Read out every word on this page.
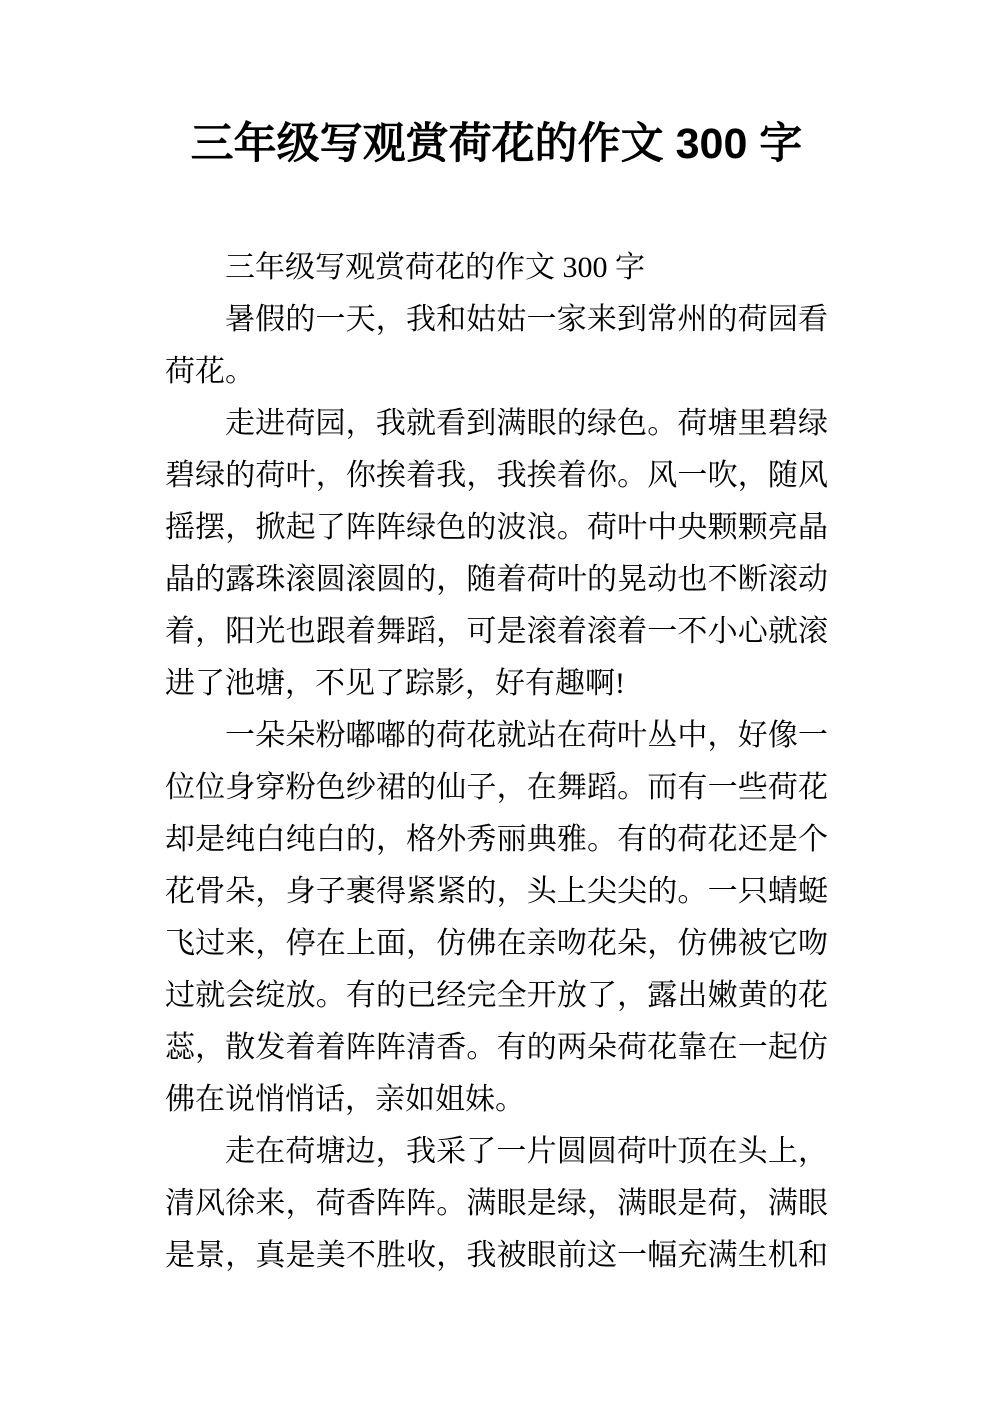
三年级写观赏荷花的作文 300 字

三年级写观赏荷花的作文 300 字

暑假的一天，我和姑姑一家来到常州的荷园看
荷花。

走进荷园，我就看到满眼的绿色。荷塘里碧绿
碧绿的荷叶，你挨着我，我挨着你。风一吹，随风
摇摆，掀起了阵阵绿色的波浪。荷叶中央颗颗亮晶
晶的露珠滚圆滚圆的，随着荷叶的晃动也不断滚动
着，阳光也跟着舞蹈，可是滚着滚着一不小心就滚
进了池塘，不见了踪影，好有趣啊!

一朵朵粉嘟嘟的荷花就站在荷叶丛中，好像一
位位身穿粉色纱裙的仙子，在舞蹈。而有一些荷花
却是纯白纯白的，格外秀丽典雅。有的荷花还是个
花骨朵，身子裹得紧紧的，头上尖尖的。一只蜻蜓
飞过来，停在上面，仿佛在亲吻花朵，仿佛被它吻
过就会绽放。有的已经完全开放了，露出嫩黄的花
蕊，散发着着阵阵清香。有的两朵荷花靠在一起仿
佛在说悄悄话，亲如姐妹。

走在荷塘边，我采了一片圆圆荷叶顶在头上，
清风徐来，荷香阵阵。满眼是绿，满眼是荷，满眼
是景，真是美不胜收，我被眼前这一幅充满生机和
